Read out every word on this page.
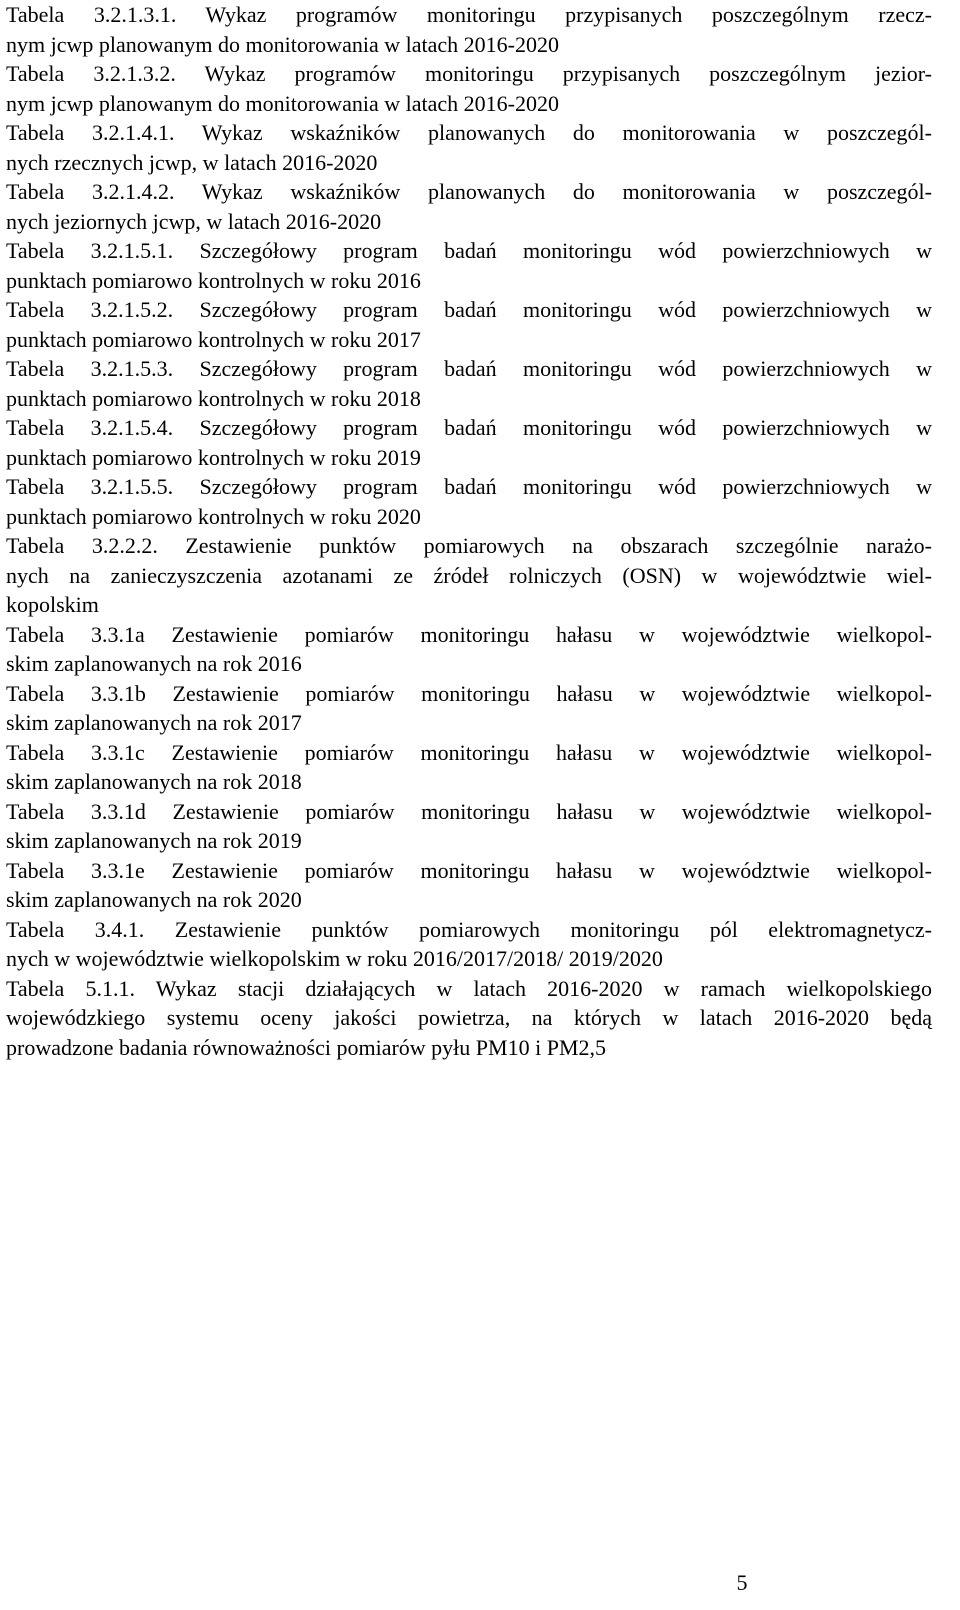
Tabela 3.2.1.3.1. Wykaz programów monitoringu przypisanych poszczególnym rzecz-
nym jcwp planowanym do monitorowania w latach 2016-2020
Tabela 3.2.1.3.2. Wykaz programów monitoringu przypisanych poszczególnym jezior-
nym jcwp planowanym do monitorowania w latach 2016-2020
Tabela 3.2.1.4.1. Wykaz wskaźników planowanych do monitorowania w poszczegól-
nych rzecznych jcwp, w latach 2016-2020
Tabela 3.2.1.4.2. Wykaz wskaźników planowanych do monitorowania w poszczegól-
nych jeziornych jcwp, w latach 2016-2020
Tabela 3.2.1.5.1. Szczegółowy program badań monitoringu wód powierzchniowych w
punktach pomiarowo kontrolnych w roku 2016
Tabela 3.2.1.5.2. Szczegółowy program badań monitoringu wód powierzchniowych w
punktach pomiarowo kontrolnych w roku 2017
Tabela 3.2.1.5.3. Szczegółowy program badań monitoringu wód powierzchniowych w
punktach pomiarowo kontrolnych w roku 2018
Tabela 3.2.1.5.4. Szczegółowy program badań monitoringu wód powierzchniowych w
punktach pomiarowo kontrolnych w roku 2019
Tabela 3.2.1.5.5. Szczegółowy program badań monitoringu wód powierzchniowych w
punktach pomiarowo kontrolnych w roku 2020
Tabela 3.2.2.2. Zestawienie punktów pomiarowych na obszarach szczególnie narażo-
nych na zanieczyszczenia azotanami ze źródeł rolniczych (OSN) w województwie wiel-
kopolskim
Tabela 3.3.1a Zestawienie pomiarów monitoringu hałasu w województwie wielkopol-
skim zaplanowanych na rok 2016
Tabela 3.3.1b Zestawienie pomiarów monitoringu hałasu w województwie wielkopol-
skim zaplanowanych na rok 2017
Tabela 3.3.1c Zestawienie pomiarów monitoringu hałasu w województwie wielkopol-
skim zaplanowanych na rok 2018
Tabela 3.3.1d Zestawienie pomiarów monitoringu hałasu w województwie wielkopol-
skim zaplanowanych na rok 2019
Tabela 3.3.1e Zestawienie pomiarów monitoringu hałasu w województwie wielkopol-
skim zaplanowanych na rok 2020
Tabela 3.4.1. Zestawienie punktów pomiarowych monitoringu pól elektromagnetycz-
nych w województwie wielkopolskim w roku 2016/2017/2018/ 2019/2020
Tabela 5.1.1. Wykaz stacji działających w latach 2016-2020 w ramach wielkopolskiego
wojewódzkiego systemu oceny jakości powietrza, na których w latach 2016-2020 będą
prowadzone badania równoważności pomiarów pyłu PM10 i PM2,5
5
